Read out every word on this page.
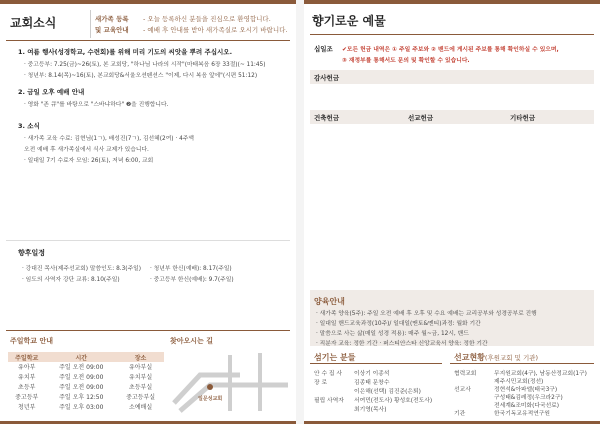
교회소식	새가족 등록 - 오늘 등록하신 분들을 진심으로 환영합니다.
및 교육안내 - 예배 후 안내를 받아 새가족실로 오시기 바랍니다.
1. 여름 행사(성경학교, 수련회)를 위해 미리 기도의 씨앗을 뿌려 주십시오.
· 중고등부: 7.25(금)~26(토), 본 교회당, "하나님 나라의 시작"(마태복음 6장 33절)(~ 11:45)
· 청년부: 8.14(목)~16(토), 본교회당&서울오션펜션스 "이제, 다시 복음 앞에"(시편 51:12)
2. 금일 오후 예배 안내
· 영화 "존 큐"를 바탕으로 "스바냐하다" ❷을 진행합니다.
3. 소식
· 새가족 교육 수료: 김현님(1ㄱ), 배성진(7ㄱ), 김선혜(2여) · 4주액
오전 예배 후 새가족실에서 식사 교제가 있습니다.
· 일대일 7기 수료자 모임: 26(토), 저녁 6:00, 교회
향후일정
· 강대진 목사(제주선교회) 말씀인도: 8.3(주일) · 청년부 한신(예배): 8.17(주일)
· 임도의 사역자 강단 교류: 8.10(주일)	· 중고등부 한신(예배): 9.7(주일)
주일학교 안내
주일학교	시간	장소
유아부	주일 오전 09:00	유아부실
유치부	주일 오전 09:00	유치부실
초등부	주일 오전 09:00	초등부실
중고등부	주일 오후 12:50	중고등부실
청년부	주일 오후 03:00	소예배실
찾아오시는 길
일문성교회
향기로운 예물
십일조 ✔모든 헌금 내역은 ① 주일 주보와 ② 밴드에 게시된 주보를 통해 확인하실 수 있으며,
③ 재정부를 통해서도 문의 및 확인할 수 있습니다.
감사헌금
건축헌금	선교헌금	기타헌금
양육안내
· 새가족 양육(5주): 주일 오전 예배 후 오후 및 수요 예배는 교리공부와 성경공부로 진행
· 일대일 핸드교육과정(10주)/ 일대일(맨토&멘티)과정: 월화 기간
· 말씀으로 사는 삶(매일 성경 적용): 매주 월~금, 12시, 밴드
· 직분자 교육: 정한 기간 · 퍼스티안스타 신앙교육서 양육: 정한 기간
섬기는 분들
안 수 집 사 이상기 이종석
장 로	김종태 문창수
이은해(선택) 김진준(은퇴)
필립 사역자 서여민(전도사) 황성호(전도사)
최기영(목사)
선교현황(후원교회 및 기관)
협력교회	무지원교회(4구), 남동산정교회(1구)
제주시민교회(정선)
선교사	정현석&아파엘(태국3구)
구성태&김레정(우크라2구)
전세계&조미화(다국선료)
기관	한국기독교유적연구원
